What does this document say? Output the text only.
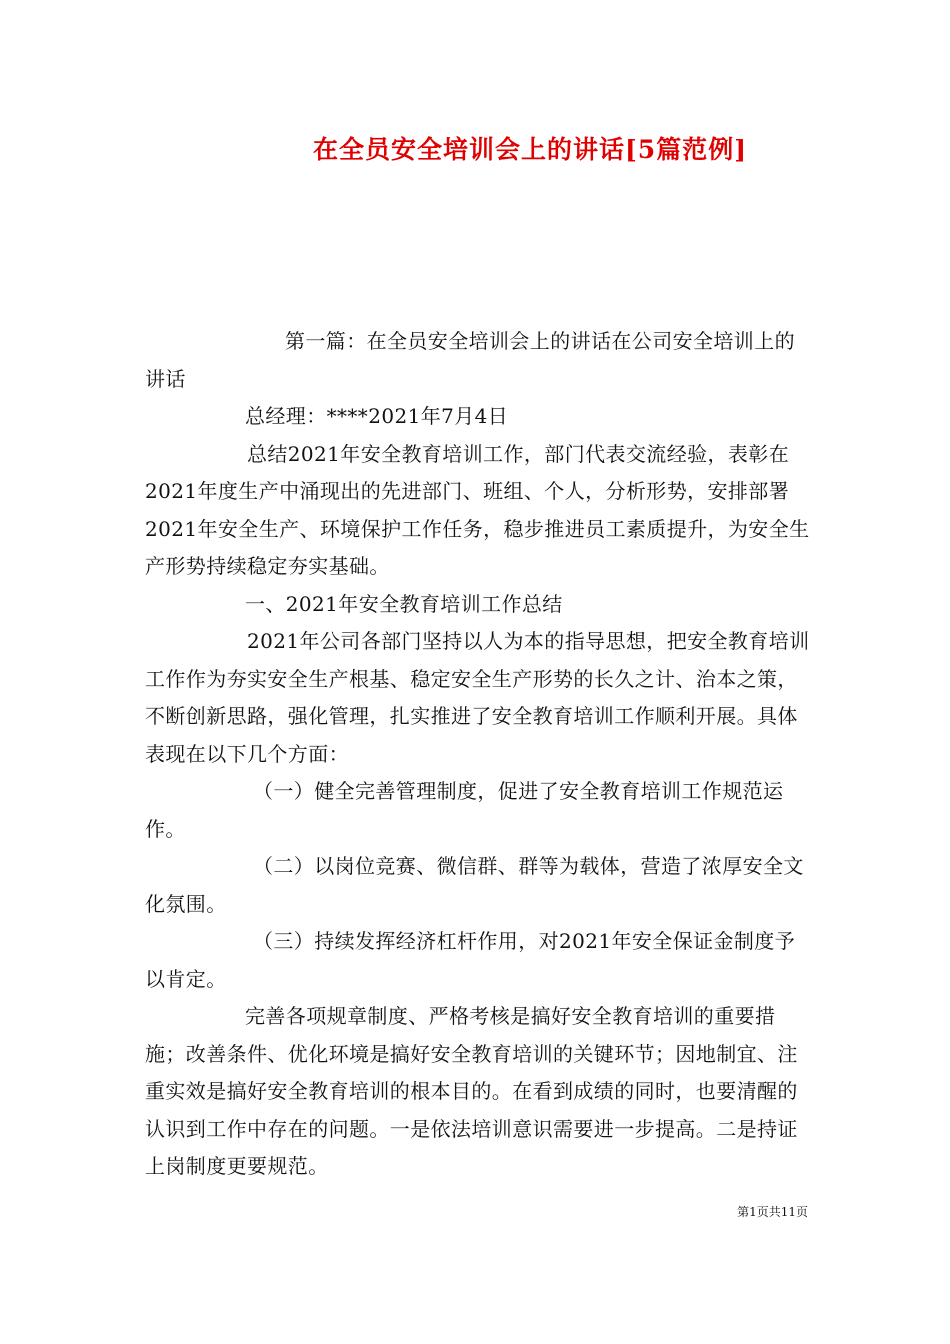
在全员安全培训会上的讲话[5篇范例]

第一篇：在全员安全培训会上的讲话在公司安全培训上的讲话

总经理：****2021年7月4日

总结2021年安全教育培训工作，部门代表交流经验，表彰在2021年度生产中涌现出的先进部门、班组、个人，分析形势，安排部署2021年安全生产、环境保护工作任务，稳步推进员工素质提升，为安全生产形势持续稳定夯实基础。

一、2021年安全教育培训工作总结

2021年公司各部门坚持以人为本的指导思想，把安全教育培训工作作为夯实安全生产根基、稳定安全生产形势的长久之计、治本之策，不断创新思路，强化管理，扎实推进了安全教育培训工作顺利开展。具体表现在以下几个方面：

（一）健全完善管理制度，促进了安全教育培训工作规范运作。

（二）以岗位竞赛、微信群、群等为载体，营造了浓厚安全文化氛围。

（三）持续发挥经济杠杆作用，对2021年安全保证金制度予以肯定。

完善各项规章制度、严格考核是搞好安全教育培训的重要措施；改善条件、优化环境是搞好安全教育培训的关键环节；因地制宜、注重实效是搞好安全教育培训的根本目的。在看到成绩的同时，也要清醒的认识到工作中存在的问题。一是依法培训意识需要进一步提高。二是持证上岗制度更要规范。

第1页共11页
